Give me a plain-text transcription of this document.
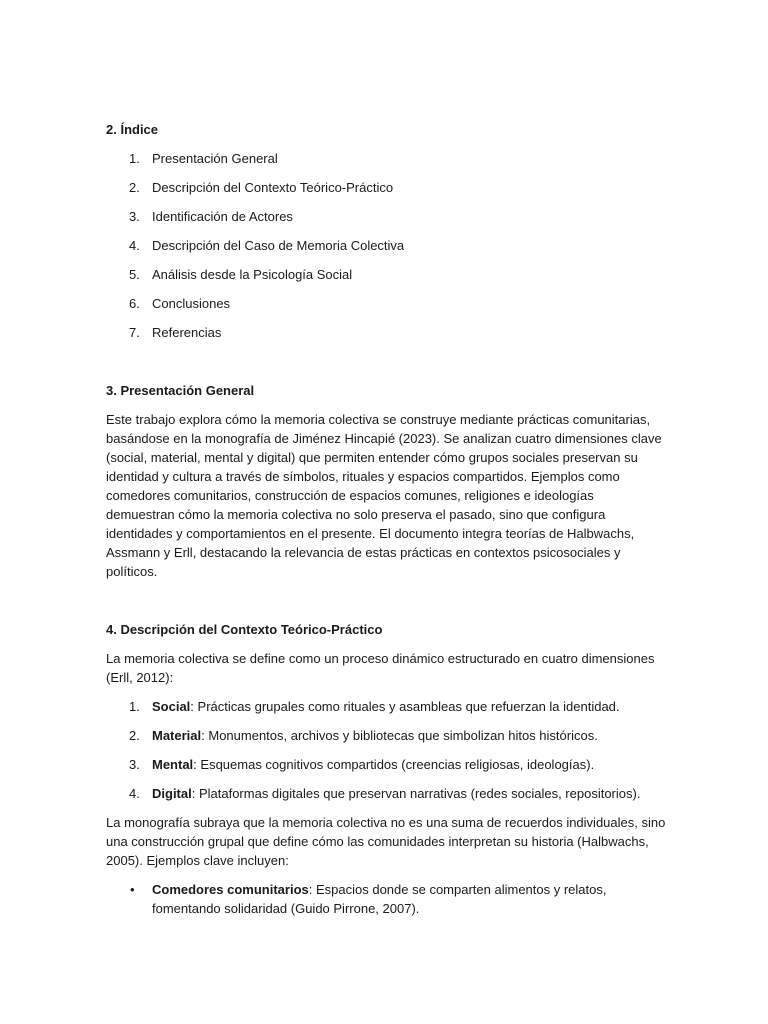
2. Índice
1. Presentación General
2. Descripción del Contexto Teórico-Práctico
3. Identificación de Actores
4. Descripción del Caso de Memoria Colectiva
5. Análisis desde la Psicología Social
6. Conclusiones
7. Referencias
3. Presentación General

Este trabajo explora cómo la memoria colectiva se construye mediante prácticas comunitarias, basándose en la monografía de Jiménez Hincapié (2023). Se analizan cuatro dimensiones clave (social, material, mental y digital) que permiten entender cómo grupos sociales preservan su identidad y cultura a través de símbolos, rituales y espacios compartidos. Ejemplos como comedores comunitarios, construcción de espacios comunes, religiones e ideologías demuestran cómo la memoria colectiva no solo preserva el pasado, sino que configura identidades y comportamientos en el presente. El documento integra teorías de Halbwachs, Assmann y Erll, destacando la relevancia de estas prácticas en contextos psicosociales y políticos.

4. Descripción del Contexto Teórico-Práctico

La memoria colectiva se define como un proceso dinámico estructurado en cuatro dimensiones (Erll, 2012):

1. Social: Prácticas grupales como rituales y asambleas que refuerzan la identidad.
2. Material: Monumentos, archivos y bibliotecas que simbolizan hitos históricos.
3. Mental: Esquemas cognitivos compartidos (creencias religiosas, ideologías).
4. Digital: Plataformas digitales que preservan narrativas (redes sociales, repositorios).

La monografía subraya que la memoria colectiva no es una suma de recuerdos individuales, sino una construcción grupal que define cómo las comunidades interpretan su historia (Halbwachs, 2005). Ejemplos clave incluyen:

• Comedores comunitarios: Espacios donde se comparten alimentos y relatos, fomentando solidaridad (Guido Pirrone, 2007).
